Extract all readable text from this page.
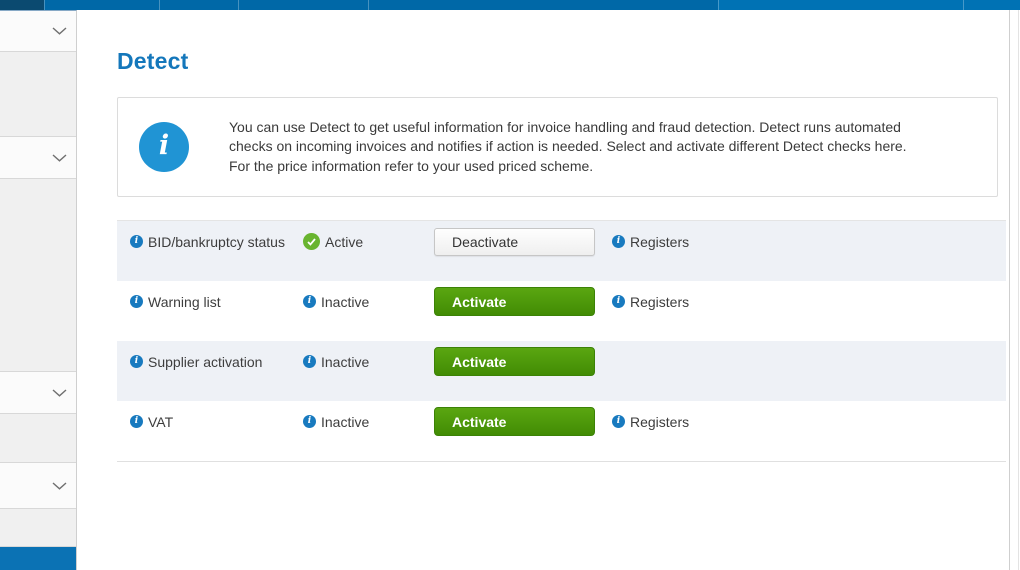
Detect
i

You can use Detect to get useful information for invoice handling and fraud detection. Detect runs automated
checks on incoming invoices and notifies if action is needed. Select and activate different Detect checks here.
For the price information refer to your used priced scheme.

i BID/bankruptcy status	Active	Deactivate	i Registers
i Warning list	i Inactive	Activate	i Registers
i Supplier activation	i Inactive	Activate
i VAT	i Inactive	Activate	i Registers
